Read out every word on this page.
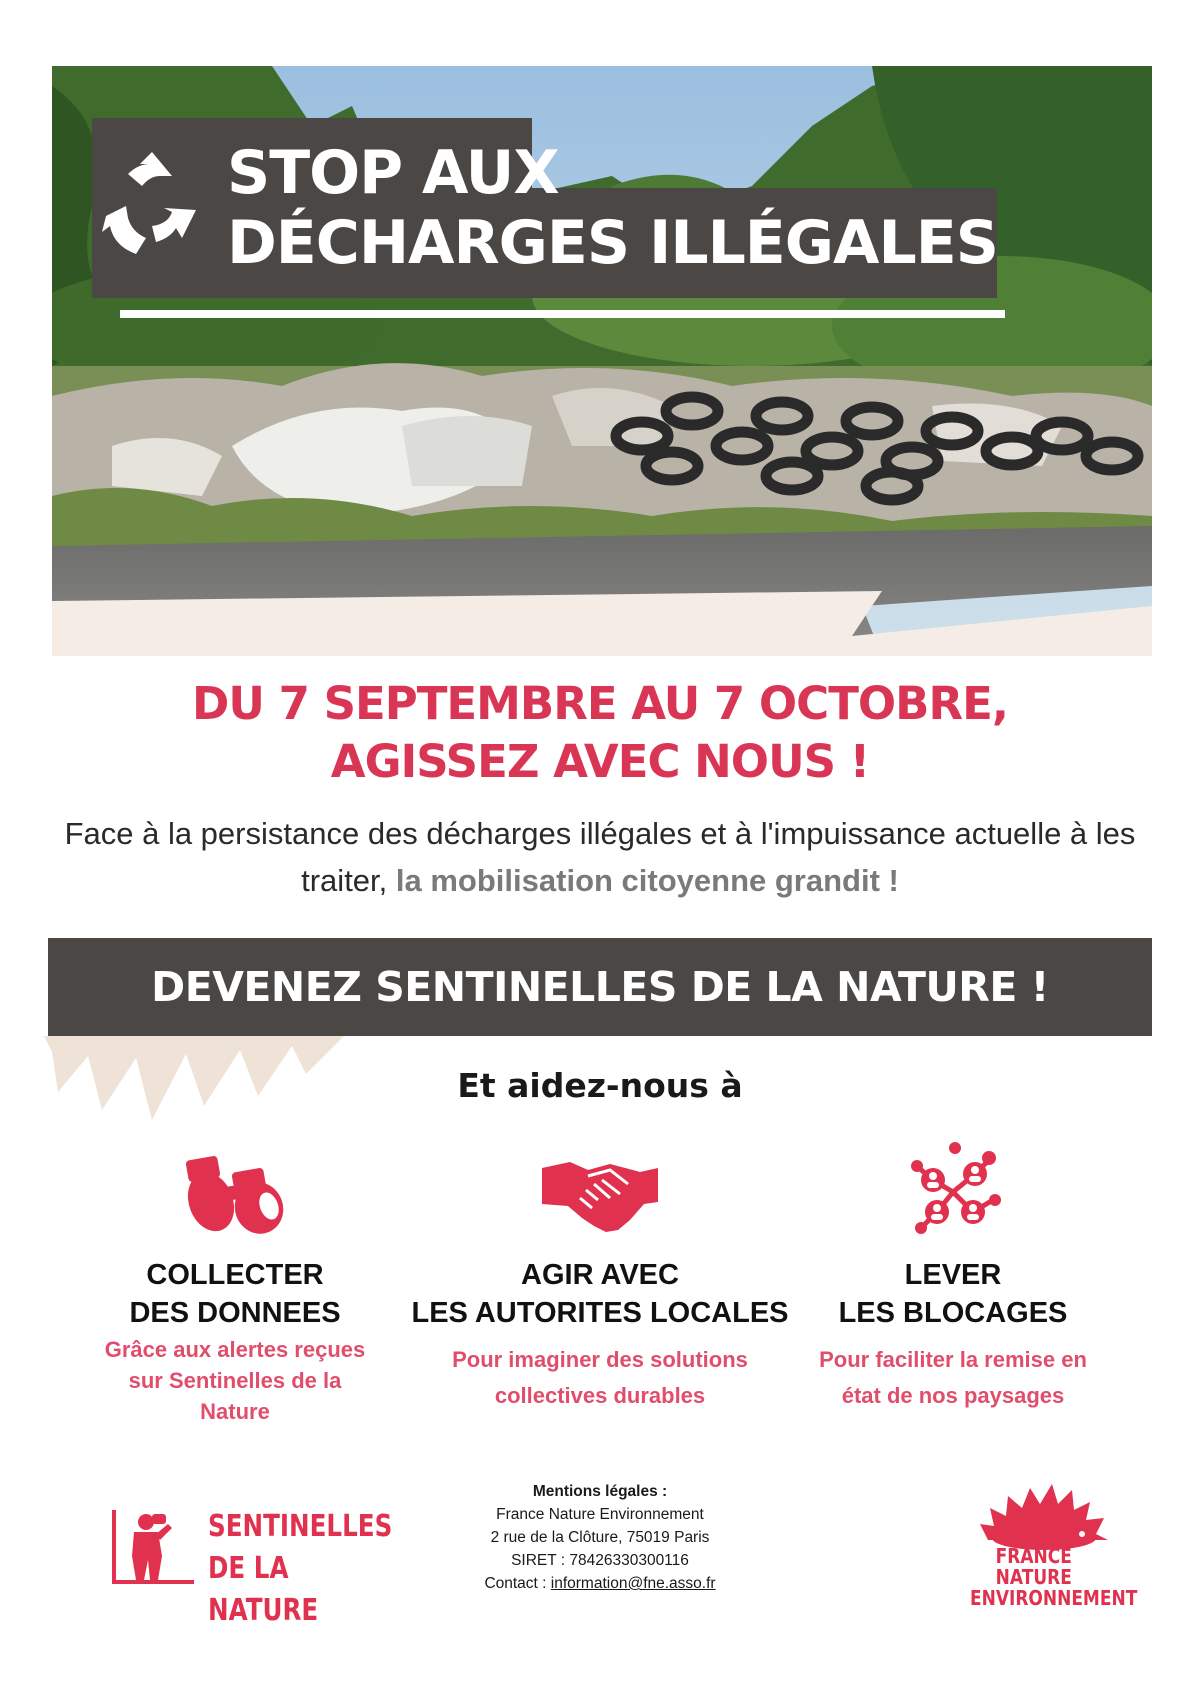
STOP AUX
DÉCHARGES ILLÉGALES
DU 7 SEPTEMBRE AU 7 OCTOBRE,
AGISSEZ AVEC NOUS !
Face à la persistance des décharges illégales et à l'impuissance actuelle à les traiter, la mobilisation citoyenne grandit !
DEVENEZ SENTINELLES DE LA NATURE !
Et aidez-nous à
COLLECTER
DES DONNEES
Grâce aux alertes reçues
sur Sentinelles de la
Nature
AGIR AVEC
LES AUTORITES LOCALES
Pour imaginer des solutions
collectives durables
LEVER
LES BLOCAGES
Pour faciliter la remise en
état de nos paysages
SENTINELLES
DE LA NATURE
Mentions légales :
France Nature Environnement
2 rue de la Clôture, 75019 Paris
SIRET : 78426330300116
Contact : information@fne.asso.fr
FRANCE NATURE
ENVIRONNEMENT
